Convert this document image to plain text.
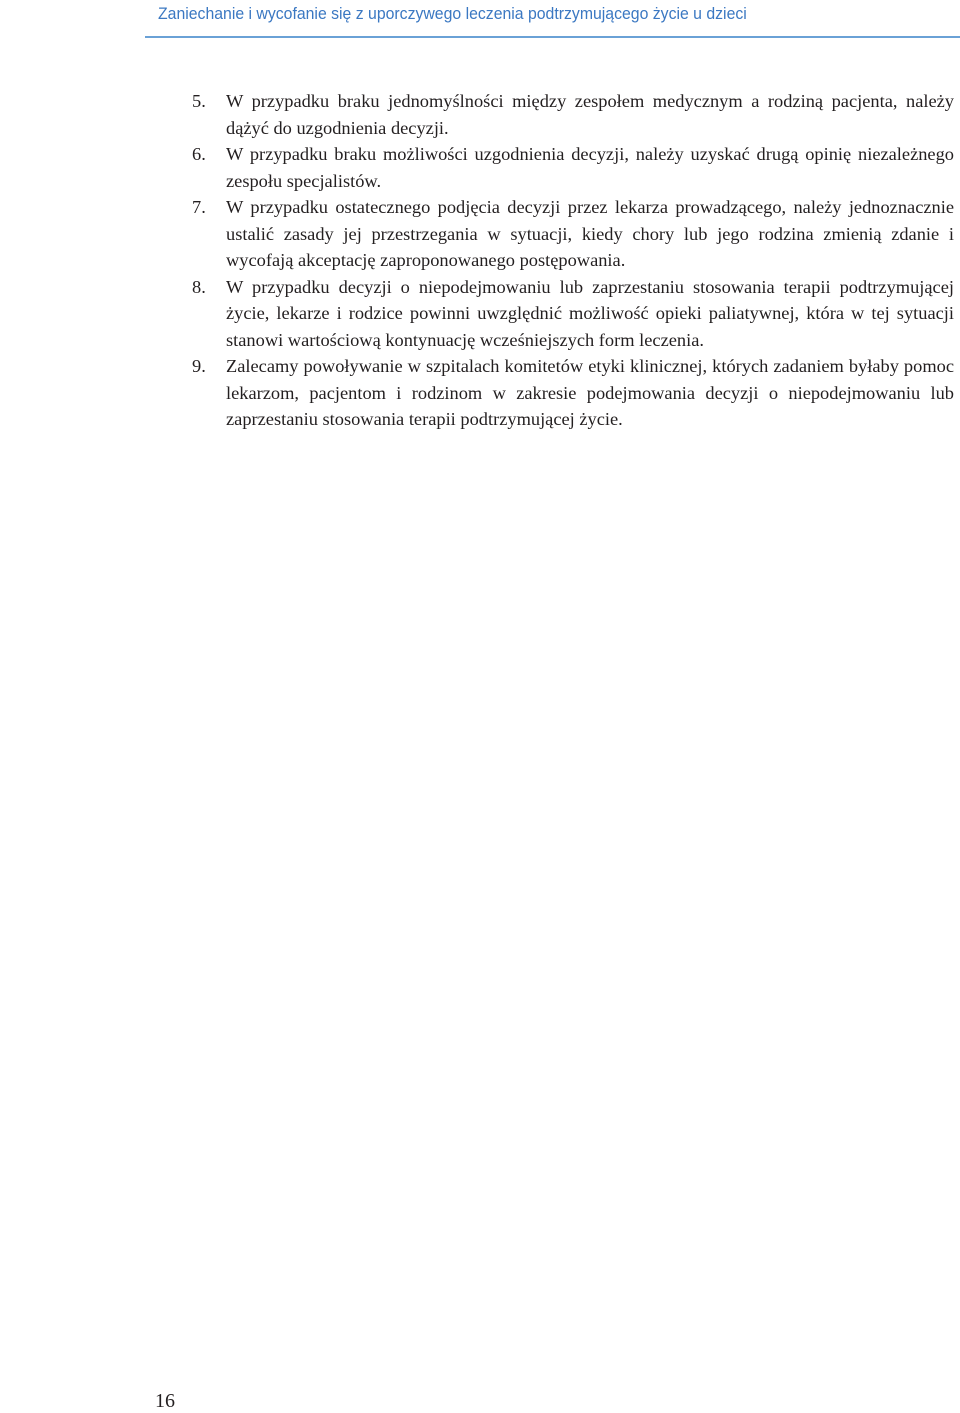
Zaniechanie i wycofanie się z uporczywego leczenia podtrzymującego życie u dzieci
5. W przypadku braku jednomyślności między zespołem medycznym a rodziną pacjenta, należy dążyć do uzgodnienia decyzji.
6. W przypadku braku możliwości uzgodnienia decyzji, należy uzyskać drugą opinię niezależnego zespołu specjalistów.
7. W przypadku ostatecznego podjęcia decyzji przez lekarza prowadzącego, należy jednoznacznie ustalić zasady jej przestrzegania w sytuacji, kiedy chory lub jego rodzina zmienią zdanie i wycofają akceptację zaproponowanego postępowania.
8. W przypadku decyzji o niepodejmowaniu lub zaprzestaniu stosowania terapii podtrzymującej życie, lekarze i rodzice powinni uwzględnić możliwość opieki paliatywnej, która w tej sytuacji stanowi wartościową kontynuację wcześniejszych form leczenia.
9. Zalecamy powoływanie w szpitalach komitetów etyki klinicznej, których zadaniem byłaby pomoc lekarzom, pacjentom i rodzinom w zakresie podejmowania decyzji o niepodejmowaniu lub zaprzestaniu stosowania terapii podtrzymującej życie.
16
